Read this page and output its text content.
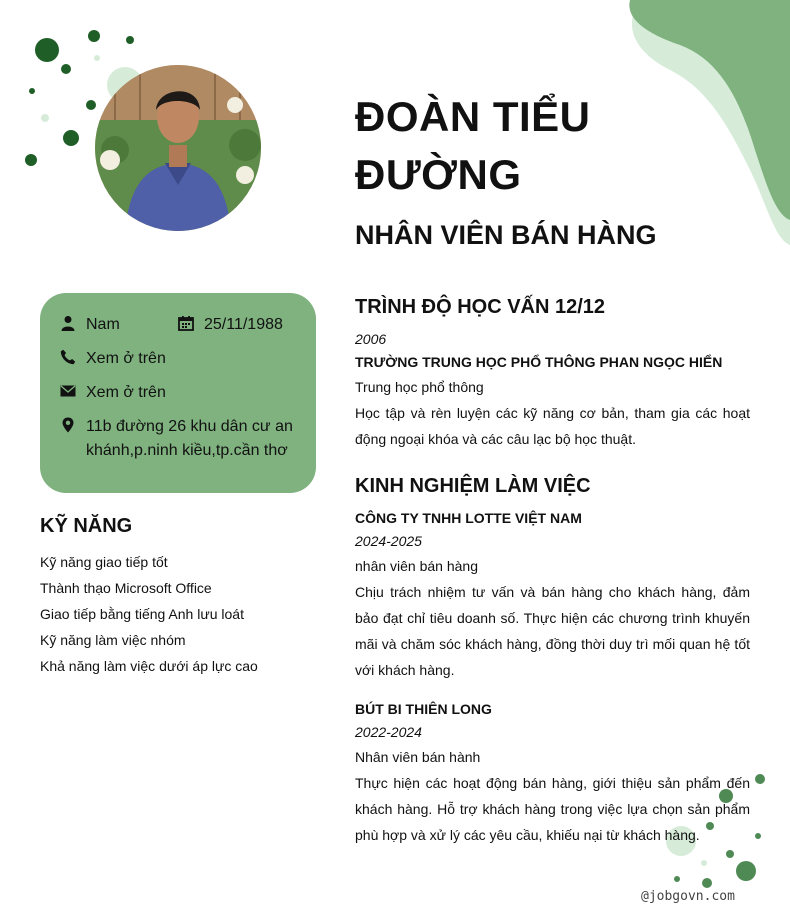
Nam	25/11/1988
Xem ở trên
Xem ở trên
11b đường 26 khu dân cư an khánh,p.ninh kiều,tp.cần thơ
KỸ NĂNG
Kỹ năng giao tiếp tốt
Thành thạo Microsoft Office
Giao tiếp bằng tiếng Anh lưu loát
Kỹ năng làm việc nhóm
Khả năng làm việc dưới áp lực cao
ĐOÀN TIỂU ĐƯỜNG
NHÂN VIÊN BÁN HÀNG
TRÌNH ĐỘ HỌC VẤN 12/12
2006
TRƯỜNG TRUNG HỌC PHỔ THÔNG PHAN NGỌC HIỂN
Trung học phổ thông

Học tập và rèn luyện các kỹ năng cơ bản, tham gia các hoạt động ngoại khóa và các câu lạc bộ học thuật.

KINH NGHIỆM LÀM VIỆC
CÔNG TY TNHH LOTTE VIỆT NAM
2024-2025
nhân viên bán hàng

Chịu trách nhiệm tư vấn và bán hàng cho khách hàng, đảm bảo đạt chỉ tiêu doanh số. Thực hiện các chương trình khuyến mãi và chăm sóc khách hàng, đồng thời duy trì mối quan hệ tốt với khách hàng.

BÚT BI THIÊN LONG
2022-2024
Nhân viên bán hành

Thực hiện các hoạt động bán hàng, giới thiệu sản phẩm đến khách hàng. Hỗ trợ khách hàng trong việc lựa chọn sản phẩm phù hợp và xử lý các yêu cầu, khiếu nại từ khách hàng.

@jobgovn.com
